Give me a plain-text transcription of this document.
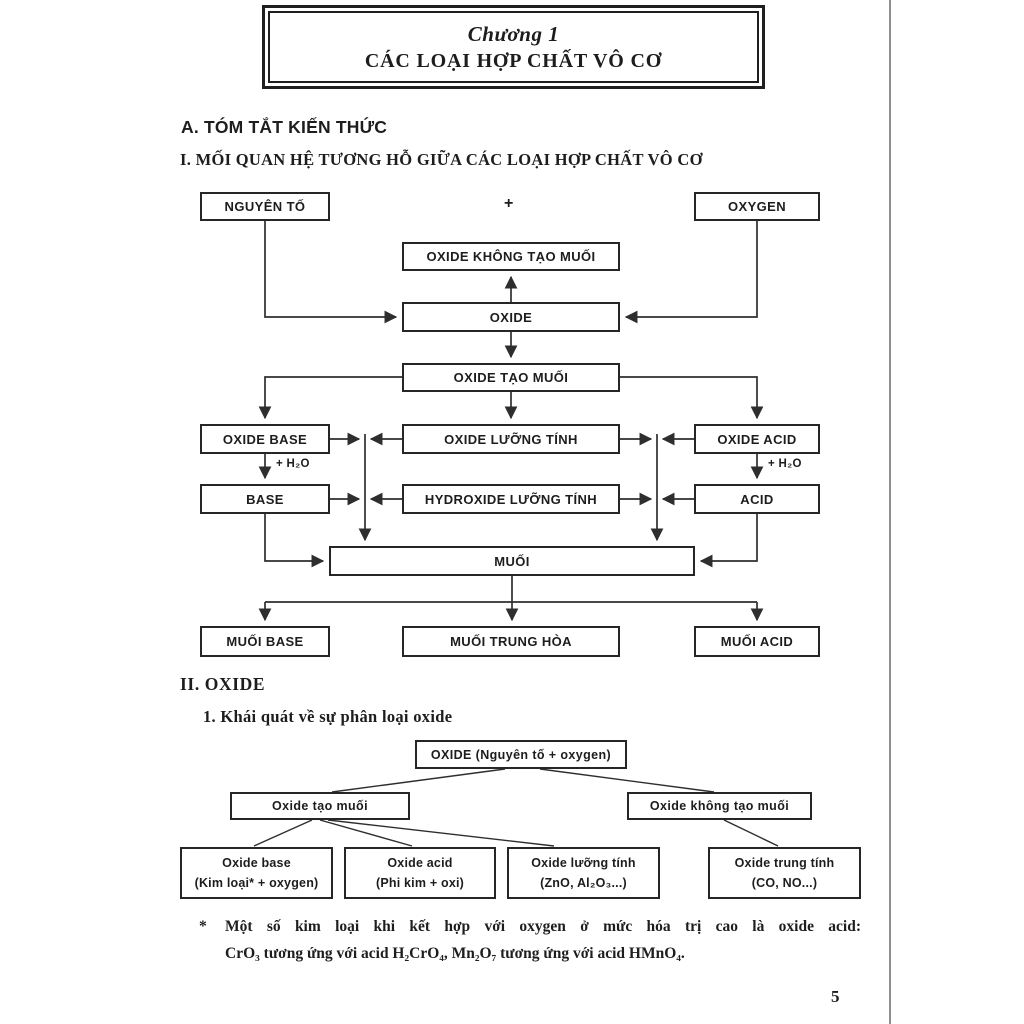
Chương 1
CÁC LOẠI HỢP CHẤT VÔ CƠ
A. TÓM TẮT KIẾN THỨC
I. MỐI QUAN HỆ TƯƠNG HỖ GIỮA CÁC LOẠI HỢP CHẤT VÔ CƠ
II. OXIDE
1. Khái quát về sự phân loại oxide
NGUYÊN TỐ	+	OXYGEN
OXIDE KHÔNG TẠO MUỐI
OXIDE
OXIDE TẠO MUỐI
OXIDE BASE	OXIDE LƯỠNG TÍNH	OXIDE ACID
+ H₂O	+ H₂O
BASE	HYDROXIDE LƯỠNG TÍNH	ACID
MUỐI
MUỐI BASE	MUỐI TRUNG HÒA	MUỐI ACID
OXIDE (Nguyên tố + oxygen)
Oxide tạo muối	Oxide không tạo muối
Oxide base
(Kim loại* + oxygen)
Oxide acid
(Phi kim + oxi)
Oxide lưỡng tính
(ZnO, Al₂O₃...)
Oxide trung tính
(CO, NO...)
*	Một số kim loại khi kết hợp với oxygen ở mức hóa trị cao là oxide acid:
CrO₃ tương ứng với acid H₂CrO₄, Mn₂O₇ tương ứng với acid HMnO₄.
5
